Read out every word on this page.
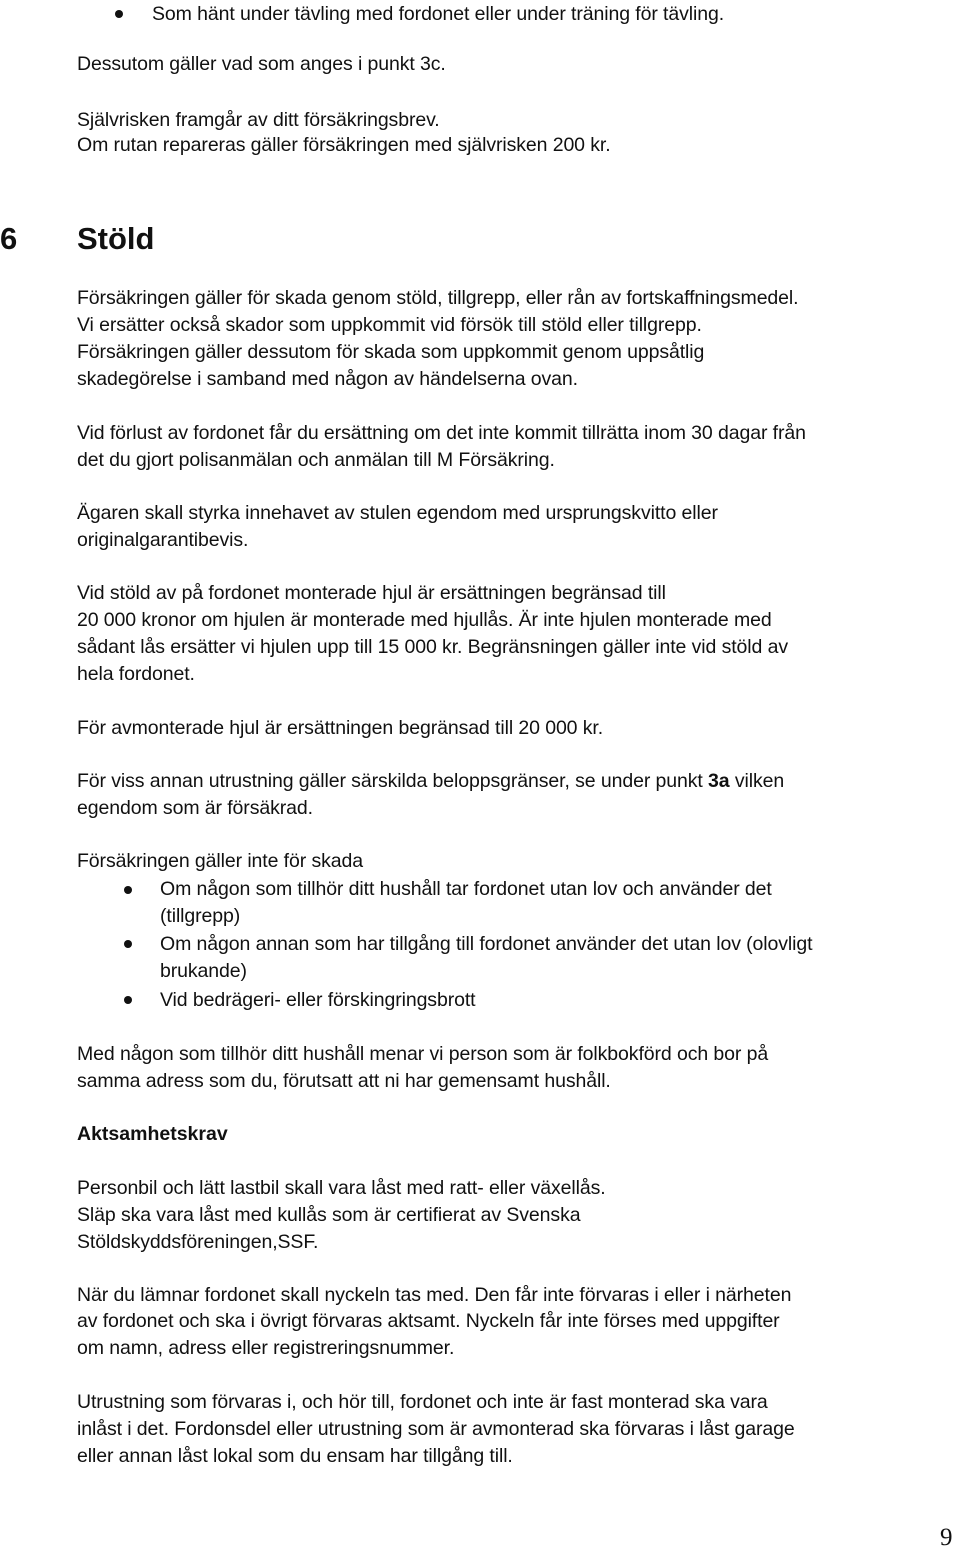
Som hänt under tävling med fordonet eller under träning för tävling.
Dessutom gäller vad som anges i punkt 3c.
Självrisken framgår av ditt försäkringsbrev.
Om rutan repareras gäller försäkringen med självrisken 200 kr.
6 Stöld
Försäkringen gäller för skada genom stöld, tillgrepp, eller rån av fortskaffningsmedel.
Vi ersätter också skador som uppkommit vid försök till stöld eller tillgrepp.
Försäkringen gäller dessutom för skada som uppkommit genom uppsåtlig
skadegörelse i samband med någon av händelserna ovan.
Vid förlust av fordonet får du ersättning om det inte kommit tillrätta inom 30 dagar från
det du gjort polisanmälan och anmälan till M Försäkring.
Ägaren skall styrka innehavet av stulen egendom med ursprungskvitto eller
originalgarantibevis.
Vid stöld av på fordonet monterade hjul är ersättningen begränsad till
20 000 kronor om hjulen är monterade med hjullås. Är inte hjulen monterade med
sådant lås ersätter vi hjulen upp till 15 000 kr. Begränsningen gäller inte vid stöld av
hela fordonet.
För avmonterade hjul är ersättningen begränsad till 20 000 kr.
För viss annan utrustning gäller särskilda beloppsgränser, se under punkt 3a vilken
egendom som är försäkrad.
Försäkringen gäller inte för skada
Om någon som tillhör ditt hushåll tar fordonet utan lov och använder det
(tillgrepp)
Om någon annan som har tillgång till fordonet använder det utan lov (olovligt
brukande)
Vid bedrägeri- eller förskingringsbrott
Med någon som tillhör ditt hushåll menar vi person som är folkbokförd och bor på
samma adress som du, förutsatt att ni har gemensamt hushåll.
Aktsamhetskrav
Personbil och lätt lastbil skall vara låst med ratt- eller växellås.
Släp ska vara låst med kullås som är certifierat av Svenska
Stöldskyddsföreningen,SSF.
När du lämnar fordonet skall nyckeln tas med. Den får inte förvaras i eller i närheten
av fordonet och ska i övrigt förvaras aktsamt. Nyckeln får inte förses med uppgifter
om namn, adress eller registreringsnummer.
Utrustning som förvaras i, och hör till, fordonet och inte är fast monterad ska vara
inlåst i det. Fordonsdel eller utrustning som är avmonterad ska förvaras i låst garage
eller annan låst lokal som du ensam har tillgång till.
9
